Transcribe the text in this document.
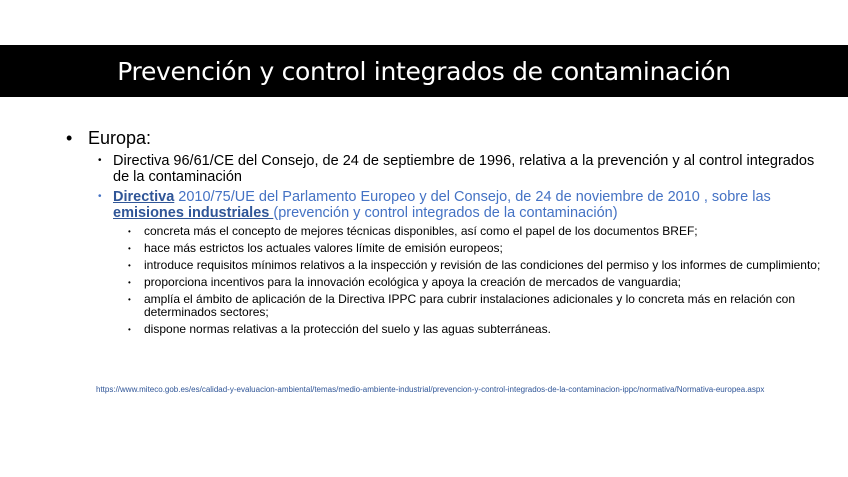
Prevención y control integrados de contaminación
• Europa:
• Directiva 96/61/CE del Consejo, de 24 de septiembre de 1996, relativa a la prevención y al control integrados de la contaminación
• Directiva 2010/75/UE del Parlamento Europeo y del Consejo, de 24 de noviembre de 2010 , sobre las emisiones industriales (prevención y control integrados de la contaminación)
•	concreta más el concepto de mejores técnicas disponibles, así como el papel de los documentos BREF;
•	hace más estrictos los actuales valores límite de emisión europeos;
•	introduce requisitos mínimos relativos a la inspección y revisión de las condiciones del permiso y los informes de cumplimiento;
•	proporciona incentivos para la innovación ecológica y apoya la creación de mercados de vanguardia;
•	amplía el ámbito de aplicación de la Directiva IPPC para cubrir instalaciones adicionales y lo concreta más en relación con determinados sectores;
•	dispone normas relativas a la protección del suelo y las aguas subterráneas.
https://www.miteco.gob.es/es/calidad-y-evaluacion-ambiental/temas/medio-ambiente-industrial/prevencion-y-control-integrados-de-la-contaminacion-ippc/normativa/Normativa-europea.aspx
